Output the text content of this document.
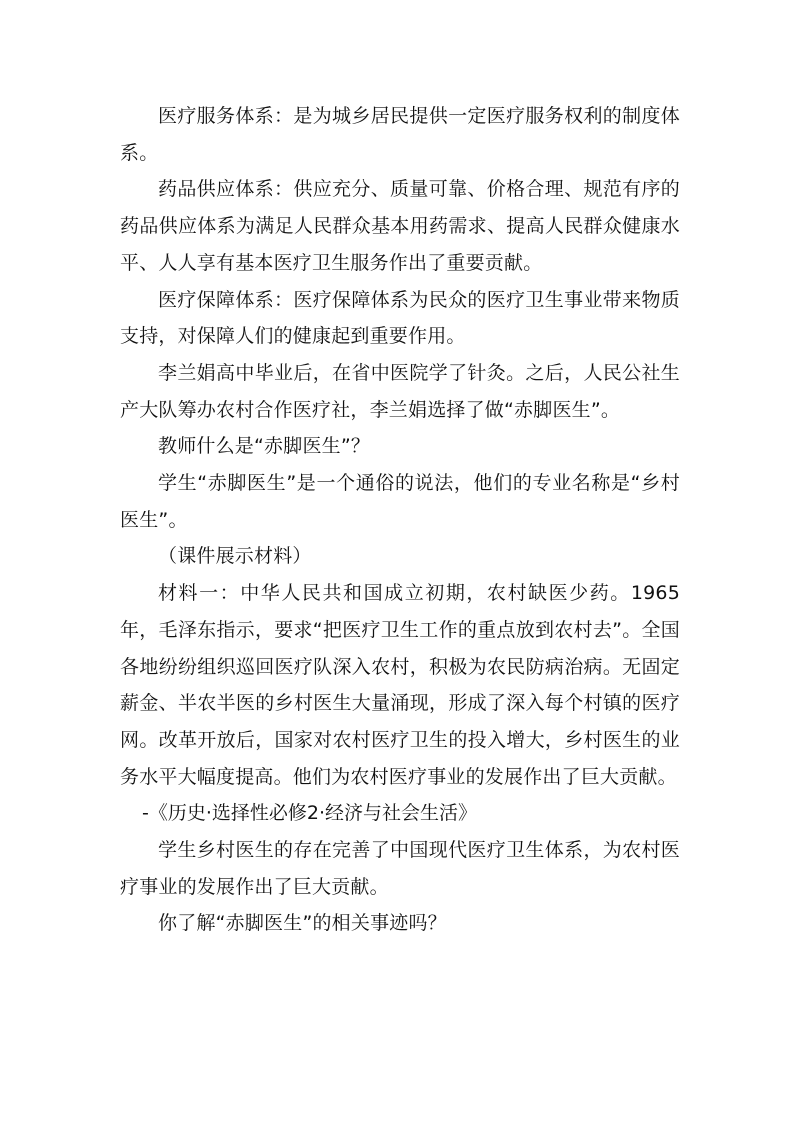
医疗服务体系：是为城乡居民提供一定医疗服务权利的制度体系。

药品供应体系：供应充分、质量可靠、价格合理、规范有序的药品供应体系为满足人民群众基本用药需求、提高人民群众健康水平、人人享有基本医疗卫生服务作出了重要贡献。

医疗保障体系：医疗保障体系为民众的医疗卫生事业带来物质支持，对保障人们的健康起到重要作用。

李兰娟高中毕业后，在省中医院学了针灸。之后，人民公社生产大队筹办农村合作医疗社，李兰娟选择了做“赤脚医生”。

教师什么是“赤脚医生”？

学生“赤脚医生”是一个通俗的说法，他们的专业名称是“乡村医生”。

（课件展示材料）

材料一：中华人民共和国成立初期，农村缺医少药。1965年，毛泽东指示，要求“把医疗卫生工作的重点放到农村去”。全国各地纷纷组织巡回医疗队深入农村，积极为农民防病治病。无固定薪金、半农半医的乡村医生大量涌现，形成了深入每个村镇的医疗网。改革开放后，国家对农村医疗卫生的投入增大，乡村医生的业务水平大幅度提高。他们为农村医疗事业的发展作出了巨大贡献。

-《历史·选择性必修2·经济与社会生活》

学生乡村医生的存在完善了中国现代医疗卫生体系，为农村医疗事业的发展作出了巨大贡献。

你了解“赤脚医生”的相关事迹吗？
